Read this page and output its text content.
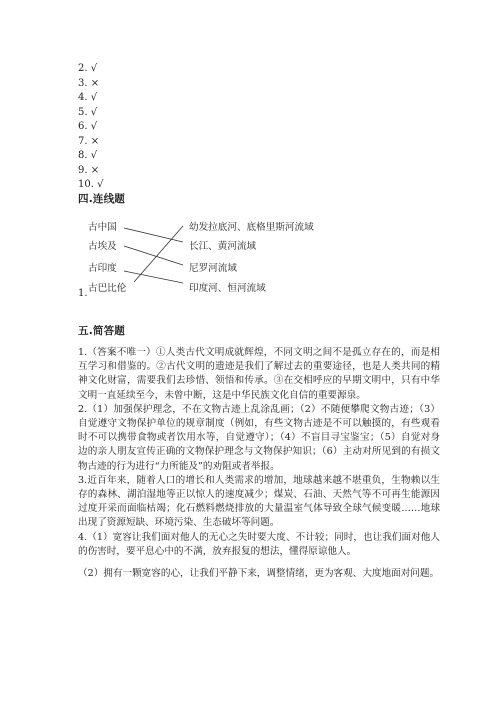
2. √
3. ×
4. √
5. √
6. √
7. ×
8. √
9. ×
10. √
四.连线题
古中国
古埃及
古印度
古巴比伦
1.
幼发拉底河、底格里斯河流域
长江、黄河流域
尼罗河流域
印度河、恒河流域
五.简答题

1.（答案不唯一）①人类古代文明成就辉煌，不同文明之间不是孤立存在的，而是相互学习和借鉴的。②古代文明的遗迹是我们了解过去的重要途径，也是人类共同的精神文化财富，需要我们去珍惜、领悟和传承。③在交相呼应的早期文明中，只有中华文明一直延续至今，未曾中断，这是中华民族文化自信的重要源泉。
2.（1）加强保护理念，不在文物古迹上乱涂乱画；（2）不随便攀爬文物古迹；（3）自觉遵守文物保护单位的规章制度（例如，有些文物古迹是不可以触摸的，有些观看时不可以携带食物或者饮用水等，自觉遵守）；（4）不盲目寻宝鉴宝；（5）自觉对身边的亲人朋友宣传正确的文物保护理念与文物保护知识；（6）主动对所见到的有损文物古迹的行为进行“力所能及”的劝阻或者举报。
3.近百年来，随着人口的增长和人类需求的增加，地球越来越不堪重负，生物赖以生存的森林、湖泊湿地等正以惊人的速度减少；煤炭、石油、天然气等不可再生能源因过度开采而面临枯竭；化石燃料燃烧排放的大量温室气体导致全球气候变暖……地球出现了资源短缺、环境污染、生态破坏等问题。
4.（1）宽容让我们面对他人的无心之失时要大度、不计较；同时，也让我们面对他人的伤害时，要平息心中的不满，放弃报复的想法，懂得原谅他人。

（2）拥有一颗宽容的心，让我们平静下来，调整情绪，更为客观、大度地面对问题。
